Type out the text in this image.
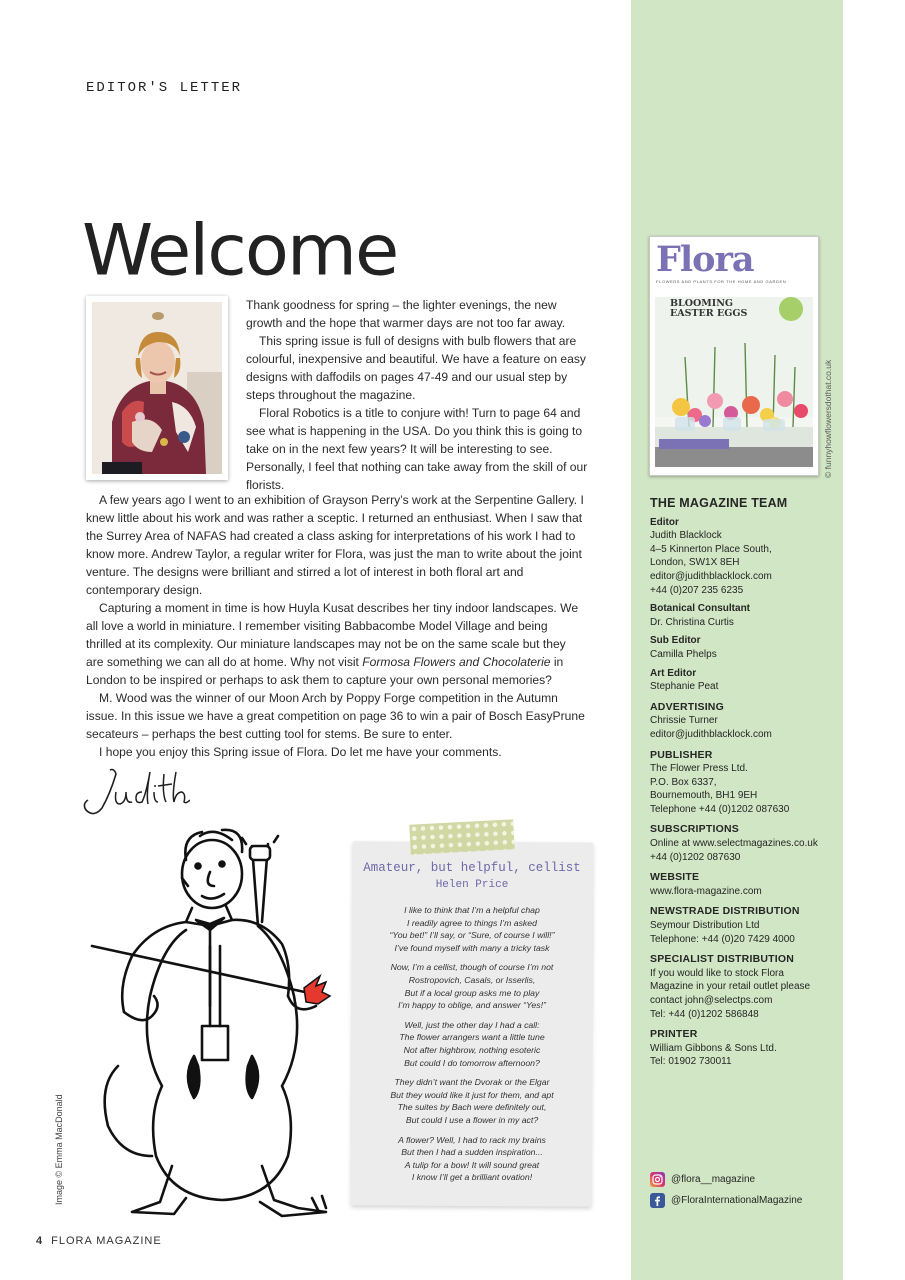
EDITOR'S LETTER
Welcome

Thank goodness for spring – the lighter evenings, the new growth and the hope that warmer days are not too far away.

This spring issue is full of designs with bulb flowers that are colourful, inexpensive and beautiful. We have a feature on easy designs with daffodils on pages 47-49 and our usual step by steps throughout the magazine.

Floral Robotics is a title to conjure with! Turn to page 64 and see what is happening in the USA. Do you think this is going to take on in the next few years? It will be interesting to see. Personally, I feel that nothing can take away from the skill of our florists.

A few years ago I went to an exhibition of Grayson Perry’s work at the Serpentine Gallery. I knew little about his work and was rather a sceptic. I returned an enthusiast. When I saw that the Surrey Area of NAFAS had created a class asking for interpretations of his work I had to know more. Andrew Taylor, a regular writer for Flora, was just the man to write about the joint venture. The designs were brilliant and stirred a lot of interest in both floral art and contemporary design.

Capturing a moment in time is how Huyla Kusat describes her tiny indoor landscapes. We all love a world in miniature. I remember visiting Babbacombe Model Village and being thrilled at its complexity. Our miniature landscapes may not be on the same scale but they are something we can all do at home. Why not visit Formosa Flowers and Chocolaterie in London to be inspired or perhaps to ask them to capture your own personal memories?

M. Wood was the winner of our Moon Arch by Poppy Forge competition in the Autumn issue. In this issue we have a great competition on page 36 to win a pair of Bosch EasyPrune secateurs – perhaps the best cutting tool for stems. Be sure to enter.

I hope you enjoy this Spring issue of Flora. Do let me have your comments.

Image © Emma MacDonald
Amateur, but helpful, cellist
Helen Price
I like to think that I’m a helpful chap
I readily agree to things I’m asked
“You bet!” I’ll say, or “Sure, of course I will!”
I’ve found myself with many a tricky task
Now, I’m a cellist, though of course I’m not
Rostropovich, Casals, or Isserlis,
But if a local group asks me to play
I’m happy to oblige, and answer “Yes!”
Well, just the other day I had a call:
The flower arrangers want a little tune
Not after highbrow, nothing esoteric
But could I do tomorrow afternoon?
They didn’t want the Dvorak or the Elgar
But they would like it just for them, and apt
The suites by Bach were definitely out,
But could I use a flower in my act?
A flower? Well, I had to rack my brains
But then I had a sudden inspiration...
A tulip for a bow! It will sound great
I know I’ll get a brilliant ovation!
Flora
FLOWERS AND PLANTS FOR THE HOME AND GARDEN
BLOOMING
EASTER EGGS
© funnyhowflowersdothat.co.uk
THE MAGAZINE TEAM
Editor
Judith Blacklock
4–5 Kinnerton Place South,
London, SW1X 8EH
editor@judithblacklock.com
+44 (0)207 235 6235
Botanical Consultant
Dr. Christina Curtis
Sub Editor
Camilla Phelps
Art Editor
Stephanie Peat
ADVERTISING
Chrissie Turner
editor@judithblacklock.com
PUBLISHER
The Flower Press Ltd.
P.O. Box 6337,
Bournemouth, BH1 9EH
Telephone +44 (0)1202 087630
SUBSCRIPTIONS
Online at www.selectmagazines.co.uk
+44 (0)1202 087630
WEBSITE
www.flora-magazine.com
NEWSTRADE DISTRIBUTION
Seymour Distribution Ltd
Telephone: +44 (0)20 7429 4000
SPECIALIST DISTRIBUTION
If you would like to stock Flora
Magazine in your retail outlet please
contact john@selectps.com
Tel: +44 (0)1202 586848
PRINTER
William Gibbons & Sons Ltd.
Tel: 01902 730011
@flora__magazine
@FloraInternationalMagazine
4 FLORA MAGAZINE
